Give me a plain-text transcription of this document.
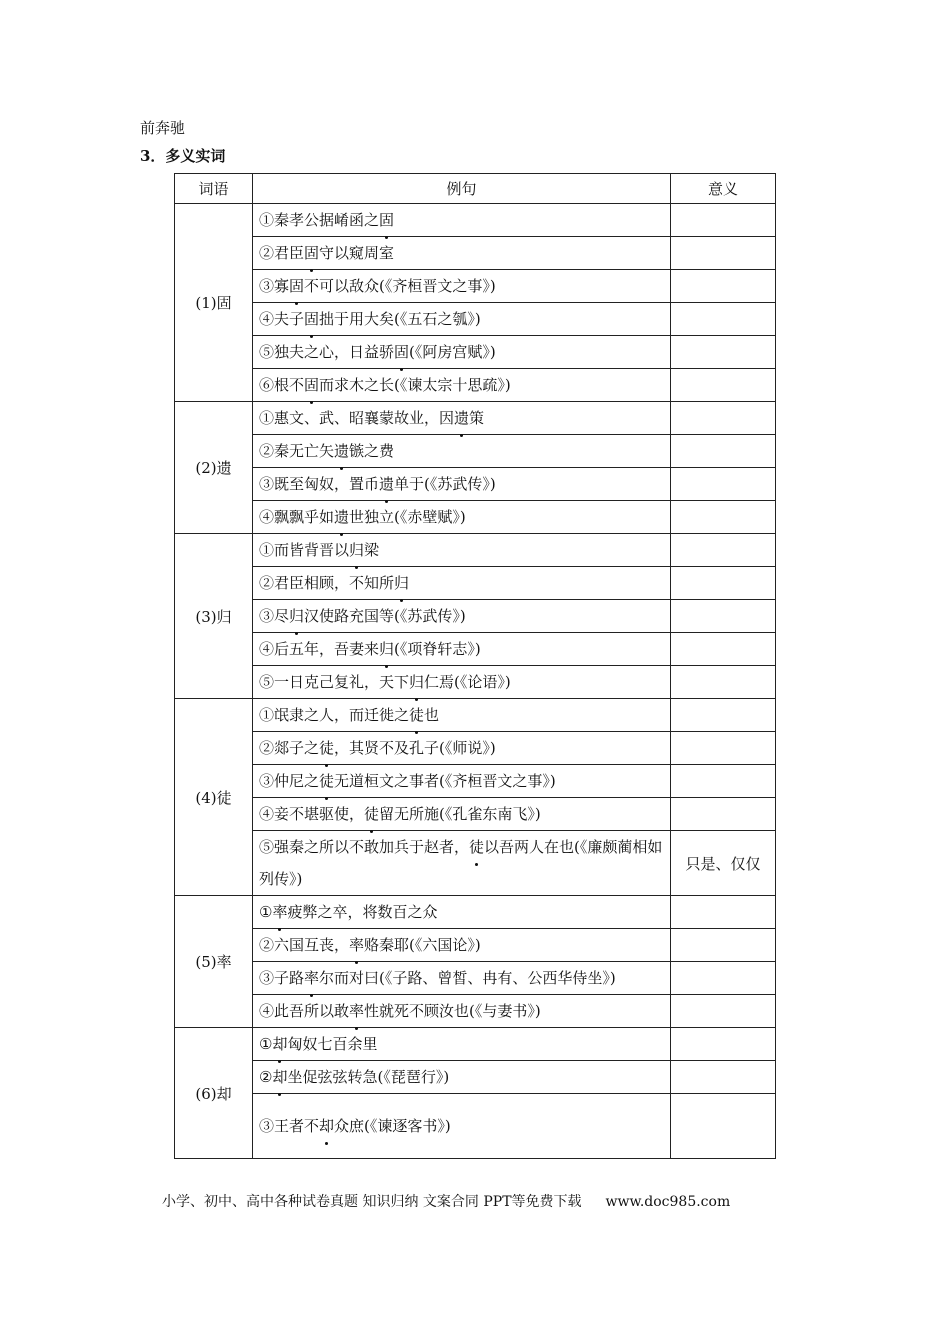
前奔驰
3．多义实词
词语	例句	意义
(1)固	①秦孝公据崤函之固	
	②君臣固守以窥周室	
	③寡固不可以敌众(《齐桓晋文之事》)	
	④夫子固拙于用大矣(《五石之瓠》)	
	⑤独夫之心，日益骄固(《阿房宫赋》)	
	⑥根不固而求木之长(《谏太宗十思疏》)	
(2)遗	①惠文、武、昭襄蒙故业，因遗策	
	②秦无亡矢遗镞之费	
	③既至匈奴，置币遗单于(《苏武传》)	
	④飘飘乎如遗世独立(《赤壁赋》)	
(3)归	①而皆背晋以归梁	
	②君臣相顾，不知所归	
	③尽归汉使路充国等(《苏武传》)	
	④后五年，吾妻来归(《项脊轩志》)	
	⑤一日克己复礼，天下归仁焉(《论语》)	
(4)徒	①氓隶之人，而迁徙之徒也	
	②郯子之徒，其贤不及孔子(《师说》)	
	③仲尼之徒无道桓文之事者(《齐桓晋文之事》)	
	④妾不堪驱使，徒留无所施(《孔雀东南飞》)	
	⑤强秦之所以不敢加兵于赵者，徒以吾两人在也(《廉颇蔺相如列传》)	只是、仅仅
(5)率	①率疲弊之卒，将数百之众	
	②六国互丧，率赂秦耶(《六国论》)	
	③子路率尔而对曰(《子路、曾皙、冉有、公西华侍坐》)	
	④此吾所以敢率性就死不顾汝也(《与妻书》)	
(6)却	①却匈奴七百余里	
	②却坐促弦弦转急(《琵琶行》)	
	③王者不却众庶(《谏逐客书》)	
小学、初中、高中各种试卷真题 知识归纳 文案合同 PPT等免费下载 www.doc985.com
